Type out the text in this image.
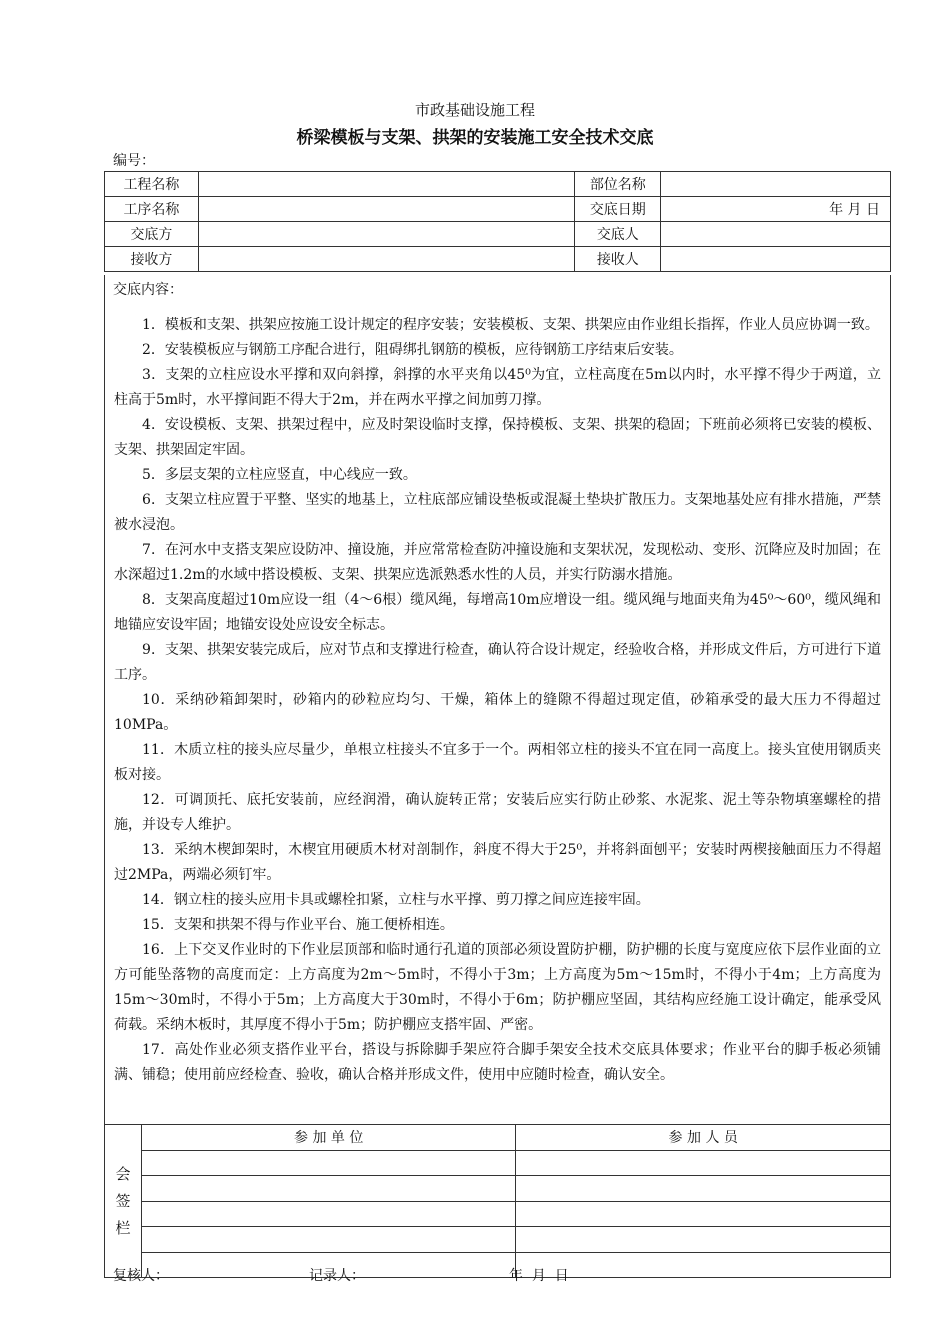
市政基础设施工程
桥梁模板与支架、拱架的安装施工安全技术交底
编号：
工程名称		部位名称	
工序名称		交底日期	年 月 日
交底方		交底人	
接收方		接收人	
交底内容：

1．模板和支架、拱架应按施工设计规定的程序安装；安装模板、支架、拱架应由作业组长指挥，作业人员应协调一致。

2．安装模板应与钢筋工序配合进行，阻碍绑扎钢筋的模板，应待钢筋工序结束后安装。

3．支架的立柱应设水平撑和双向斜撑，斜撑的水平夹角以45⁰为宜，立柱高度在5m以内时，水平撑不得少于两道，立柱高于5m时，水平撑间距不得大于2m，并在两水平撑之间加剪刀撑。

4．安设模板、支架、拱架过程中，应及时架设临时支撑，保持模板、支架、拱架的稳固；下班前必须将已安装的模板、支架、拱架固定牢固。

5．多层支架的立柱应竖直，中心线应一致。

6．支架立柱应置于平整、坚实的地基上，立柱底部应铺设垫板或混凝土垫块扩散压力。支架地基处应有排水措施，严禁被水浸泡。

7．在河水中支搭支架应设防冲、撞设施，并应常常检查防冲撞设施和支架状况，发现松动、变形、沉降应及时加固；在水深超过1.2m的水域中搭设模板、支架、拱架应选派熟悉水性的人员，并实行防溺水措施。

8．支架高度超过10m应设一组（4～6根）缆风绳，每增高10m应增设一组。缆风绳与地面夹角为45⁰～60⁰，缆风绳和地锚应安设牢固；地锚安设处应设安全标志。

9．支架、拱架安装完成后，应对节点和支撑进行检查，确认符合设计规定，经验收合格，并形成文件后，方可进行下道工序。

10．采纳砂箱卸架时，砂箱内的砂粒应均匀、干燥，箱体上的缝隙不得超过现定值，砂箱承受的最大压力不得超过10MPa。

11．木质立柱的接头应尽量少，单根立柱接头不宜多于一个。两相邻立柱的接头不宜在同一高度上。接头宜使用钢质夹板对接。

12．可调顶托、底托安装前，应经润滑，确认旋转正常；安装后应实行防止砂浆、水泥浆、泥土等杂物填塞螺栓的措施，并设专人维护。

13．采纳木楔卸架时，木楔宜用硬质木材对剖制作，斜度不得大于25⁰，并将斜面刨平；安装时两楔接触面压力不得超过2MPa，两端必须钉牢。

14．钢立柱的接头应用卡具或螺栓扣紧，立柱与水平撑、剪刀撑之间应连接牢固。

15．支架和拱架不得与作业平台、施工便桥相连。

16．上下交叉作业时的下作业层顶部和临时通行孔道的顶部必须设置防护棚，防护棚的长度与宽度应依下层作业面的立方可能坠落物的高度而定：上方高度为2m～5m时，不得小于3m；上方高度为5m～15m时，不得小于4m；上方高度为15m～30m时，不得小于5m；上方高度大于30m时，不得小于6m；防护棚应坚固，其结构应经施工设计确定，能承受风荷载。采纳木板时，其厚度不得小于5m；防护棚应支搭牢固、严密。

17．高处作业必须支搭作业平台，搭设与拆除脚手架应符合脚手架安全技术交底具体要求；作业平台的脚手板必须铺满、铺稳；使用前应经检查、验收，确认合格并形成文件，使用中应随时检查，确认安全。

会
签
栏	参 加 单 位	参 加 人 员

复核人：	记录人：	年  月  日
